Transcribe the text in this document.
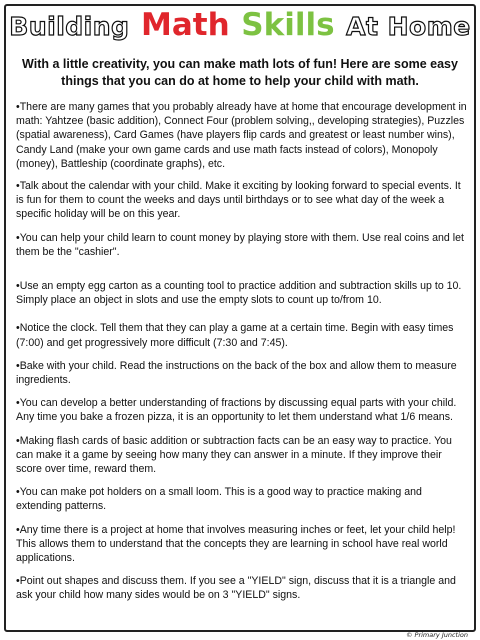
Building Math Skills At Home
With a little creativity, you can make math lots of fun! Here are some easy things that you can do at home to help your child with math.

•There are many games that you probably already have at home that encourage development in math: Yahtzee (basic addition), Connect Four (problem solving,, developing strategies), Puzzles (spatial awareness), Card Games (have players flip cards and greatest or least number wins), Candy Land (make your own game cards and use math facts instead of colors), Monopoly (money), Battleship (coordinate graphs), etc.

•Talk about the calendar with your child. Make it exciting by looking forward to special events. It is fun for them to count the weeks and days until birthdays or to see what day of the week a specific holiday will be on this year.

•You can help your child learn to count money by playing store with them. Use real coins and let them be the "cashier".

•Use an empty egg carton as a counting tool to practice addition and subtraction skills up to 10. Simply place an object in slots and use the empty slots to count up to/from 10.

•Notice the clock. Tell them that they can play a game at a certain time. Begin with easy times (7:00) and get progressively more difficult (7:30 and 7:45).

•Bake with your child. Read the instructions on the back of the box and allow them to measure ingredients.

•You can develop a better understanding of fractions by discussing equal parts with your child. Any time you bake a frozen pizza, it is an opportunity to let them understand what 1/6 means.

•Making flash cards of basic addition or subtraction facts can be an easy way to practice. You can make it a game by seeing how many they can answer in a minute. If they improve their score over time, reward them.

•You can make pot holders on a small loom. This is a good way to practice making and extending patterns.

•Any time there is a project at home that involves measuring inches or feet, let your child help! This allows them to understand that the concepts they are learning in school have real world applications.

•Point out shapes and discuss them. If you see a "YIELD" sign, discuss that it is a triangle and ask your child how many sides would be on 3 "YIELD" signs.

© Primary Junction
